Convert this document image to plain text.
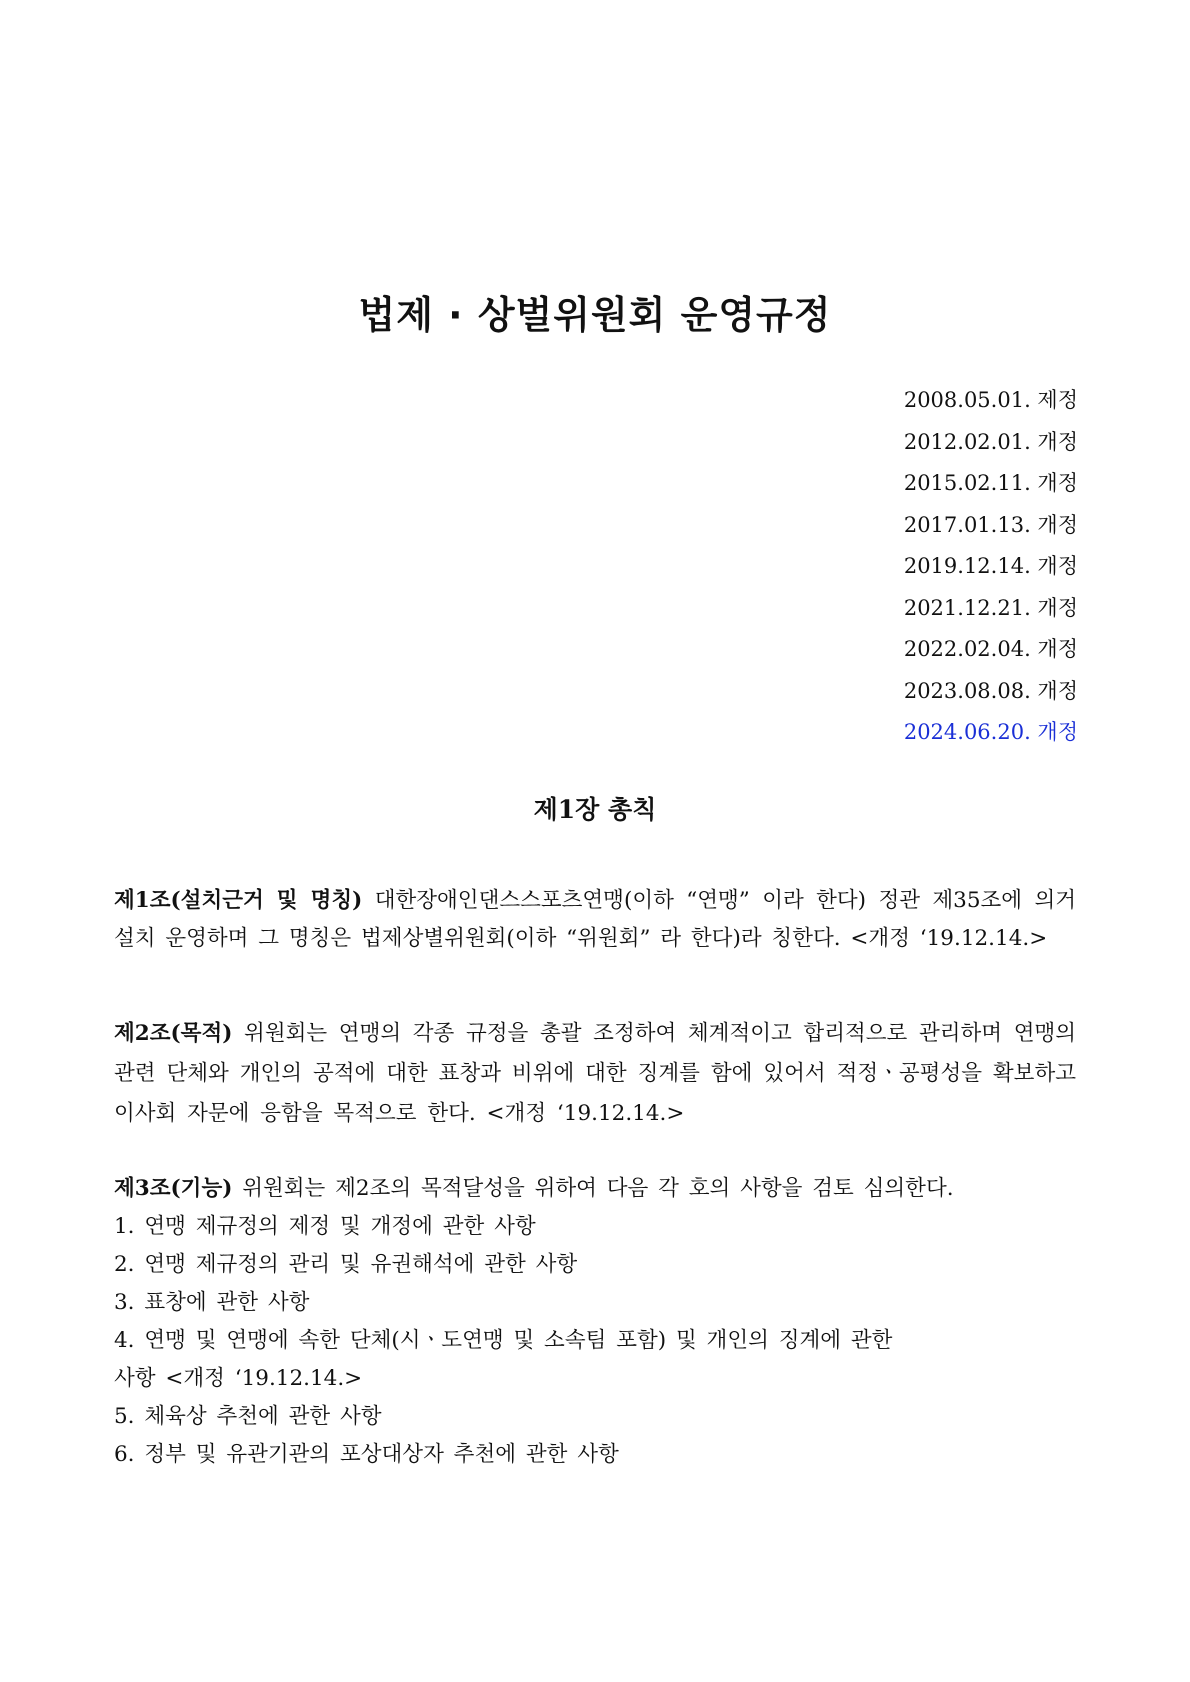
법제 · 상벌위원회 운영규정
2008.05.01. 제정
2012.02.01. 개정
2015.02.11. 개정
2017.01.13. 개정
2019.12.14. 개정
2021.12.21. 개정
2022.02.04. 개정
2023.08.08. 개정
2024.06.20. 개정
제1장 총칙

제1조(설치근거 및 명칭) 대한장애인댄스스포츠연맹(이하 “연맹” 이라 한다) 정관 제35조에 의거 설치 운영하며 그 명칭은 법제상별위원회(이하 “위원회” 라 한다)라 칭한다. <개정 ‘19.12.14.>

제2조(목적) 위원회는 연맹의 각종 규정을 총괄 조정하여 체계적이고 합리적으로 관리하며 연맹의 관련 단체와 개인의 공적에 대한 표창과 비위에 대한 징계를 함에 있어서 적정ㆍ공평성을 확보하고 이사회 자문에 응함을 목적으로 한다. <개정 ‘19.12.14.>

제3조(기능) 위원회는 제2조의 목적달성을 위하여 다음 각 호의 사항을 검토 심의한다.
1. 연맹 제규정의 제정 및 개정에 관한 사항
2. 연맹 제규정의 관리 및 유권해석에 관한 사항
3. 표창에 관한 사항
4. 연맹 및 연맹에 속한 단체(시ㆍ도연맹 및 소속팀 포함) 및 개인의 징계에 관한
사항 <개정 ‘19.12.14.>
5. 체육상 추천에 관한 사항
6. 정부 및 유관기관의 포상대상자 추천에 관한 사항
